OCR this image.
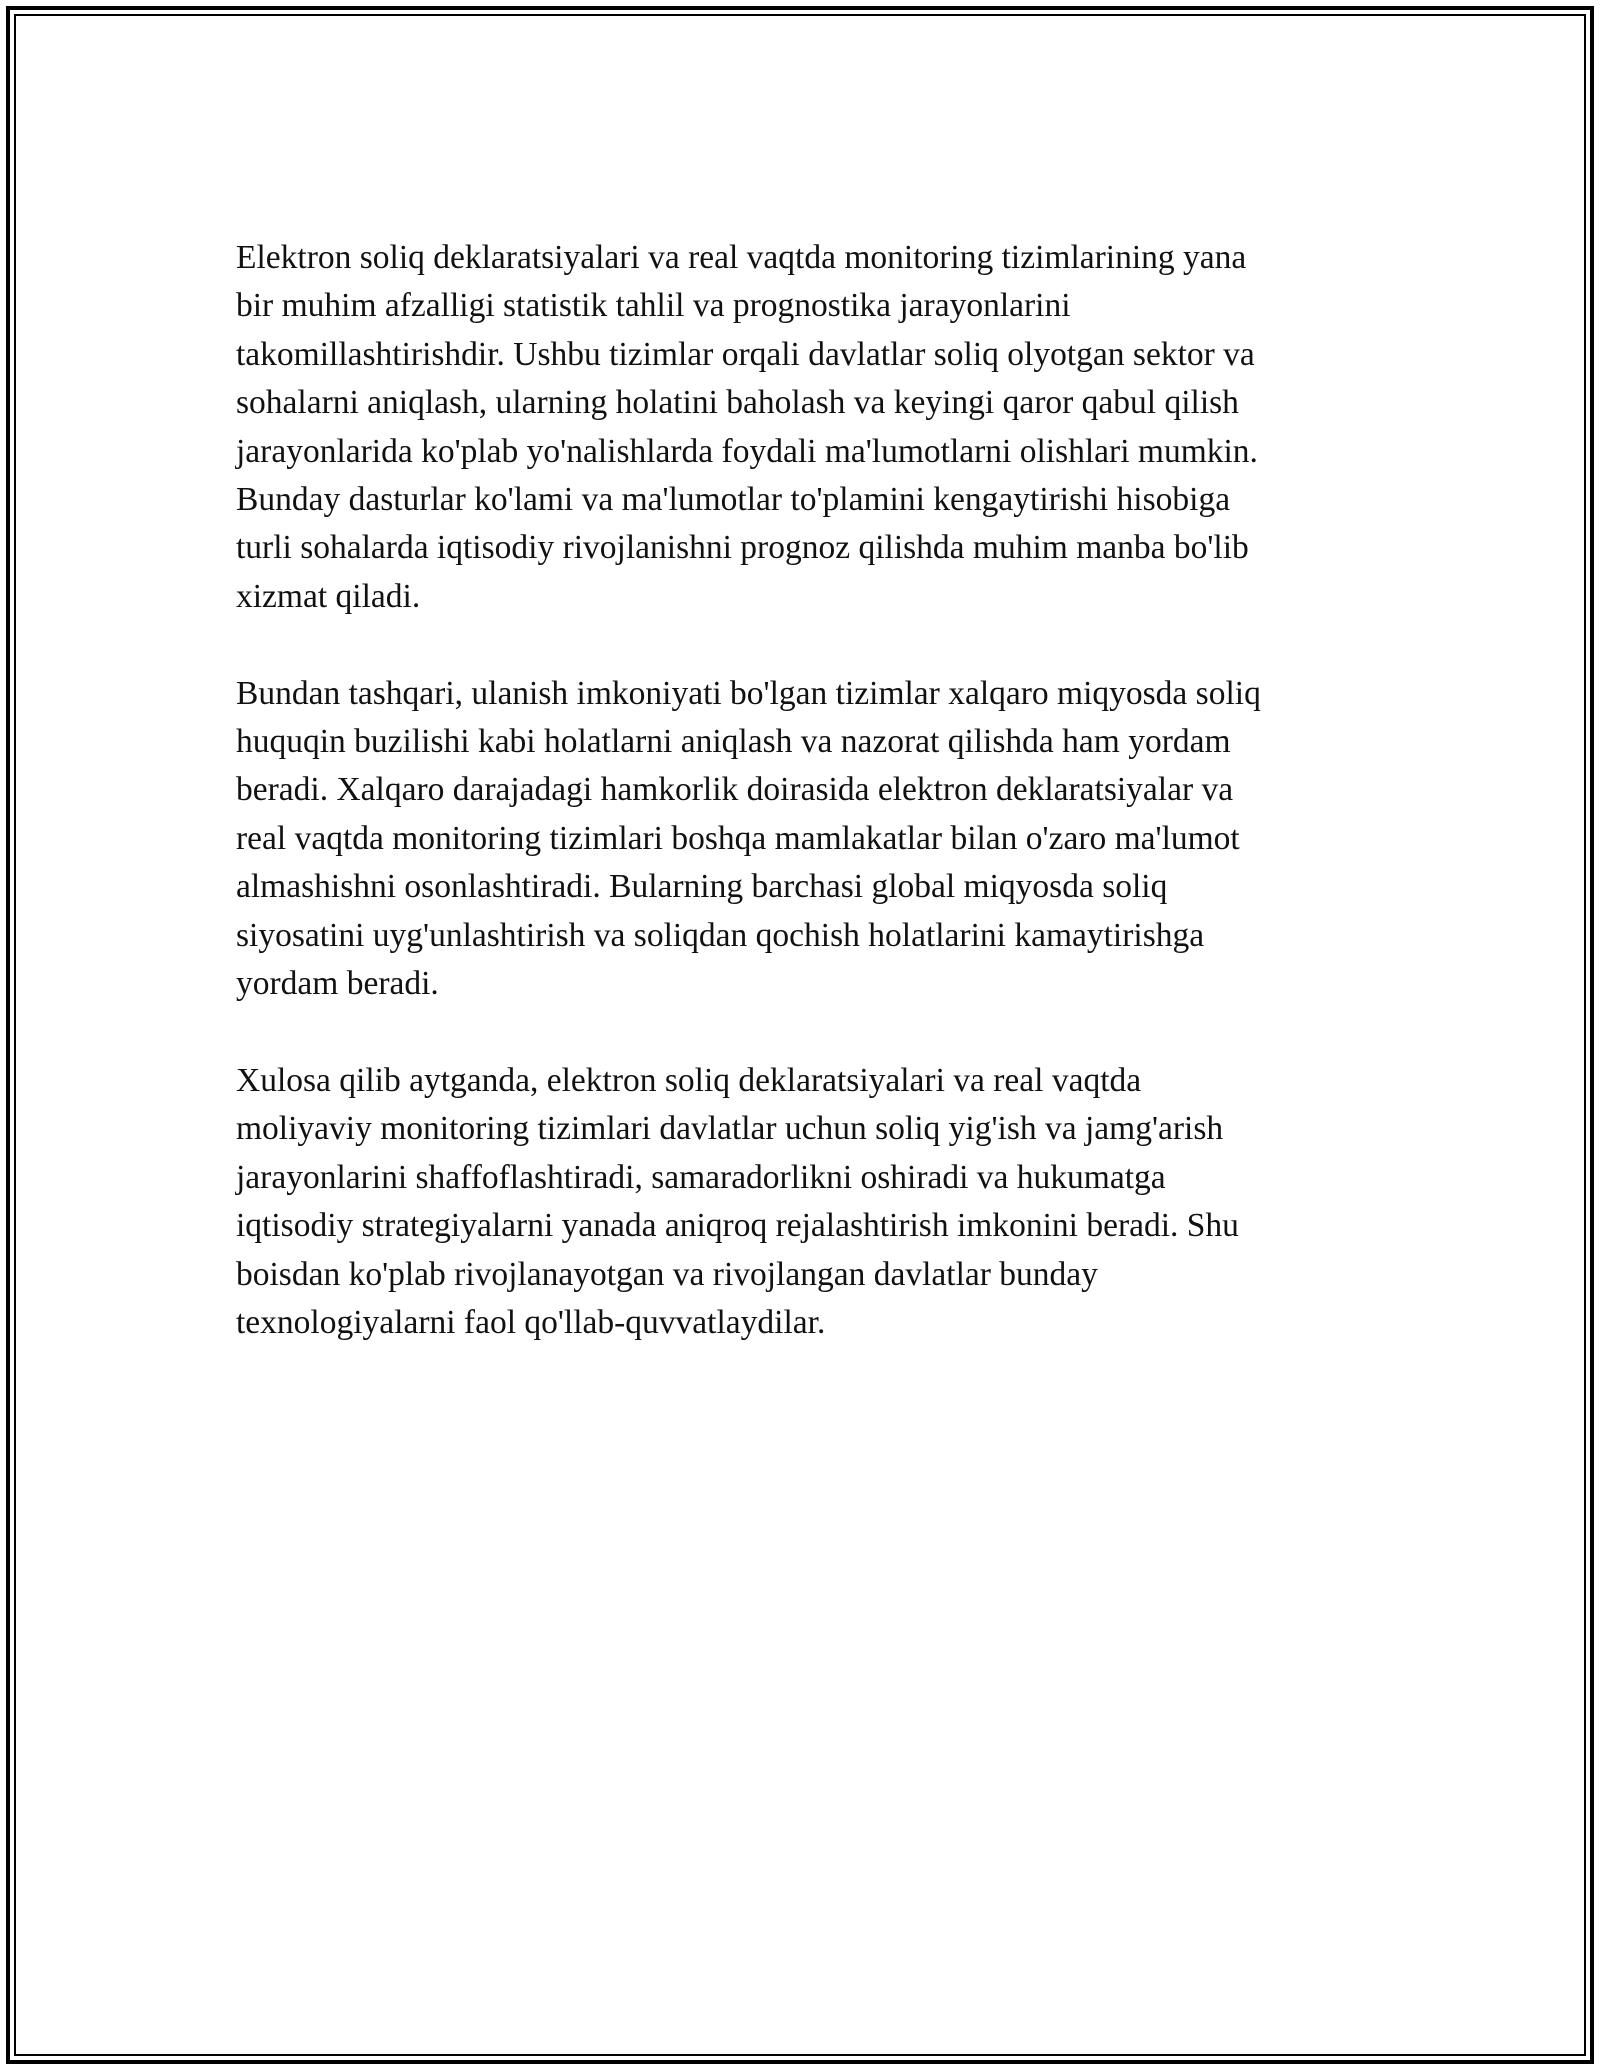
Elektron soliq deklaratsiyalari va real vaqtda monitoring tizimlarining yana
bir muhim afzalligi statistik tahlil va prognostika jarayonlarini
takomillashtirishdir. Ushbu tizimlar orqali davlatlar soliq olyotgan sektor va
sohalarni aniqlash, ularning holatini baholash va keyingi qaror qabul qilish
jarayonlarida ko'plab yo'nalishlarda foydali ma'lumotlarni olishlari mumkin.
Bunday dasturlar ko'lami va ma'lumotlar to'plamini kengaytirishi hisobiga
turli sohalarda iqtisodiy rivojlanishni prognoz qilishda muhim manba bo'lib
xizmat qiladi.
Bundan tashqari, ulanish imkoniyati bo'lgan tizimlar xalqaro miqyosda soliq
huquqin buzilishi kabi holatlarni aniqlash va nazorat qilishda ham yordam
beradi. Xalqaro darajadagi hamkorlik doirasida elektron deklaratsiyalar va
real vaqtda monitoring tizimlari boshqa mamlakatlar bilan o'zaro ma'lumot
almashishni osonlashtiradi. Bularning barchasi global miqyosda soliq
siyosatini uyg'unlashtirish va soliqdan qochish holatlarini kamaytirishga
yordam beradi.
Xulosa qilib aytganda, elektron soliq deklaratsiyalari va real vaqtda
moliyaviy monitoring tizimlari davlatlar uchun soliq yig'ish va jamg'arish
jarayonlarini shaffoflashtiradi, samaradorlikni oshiradi va hukumatga
iqtisodiy strategiyalarni yanada aniqroq rejalashtirish imkonini beradi. Shu
boisdan ko'plab rivojlanayotgan va rivojlangan davlatlar bunday
texnologiyalarni faol qo'llab-quvvatlaydilar.
